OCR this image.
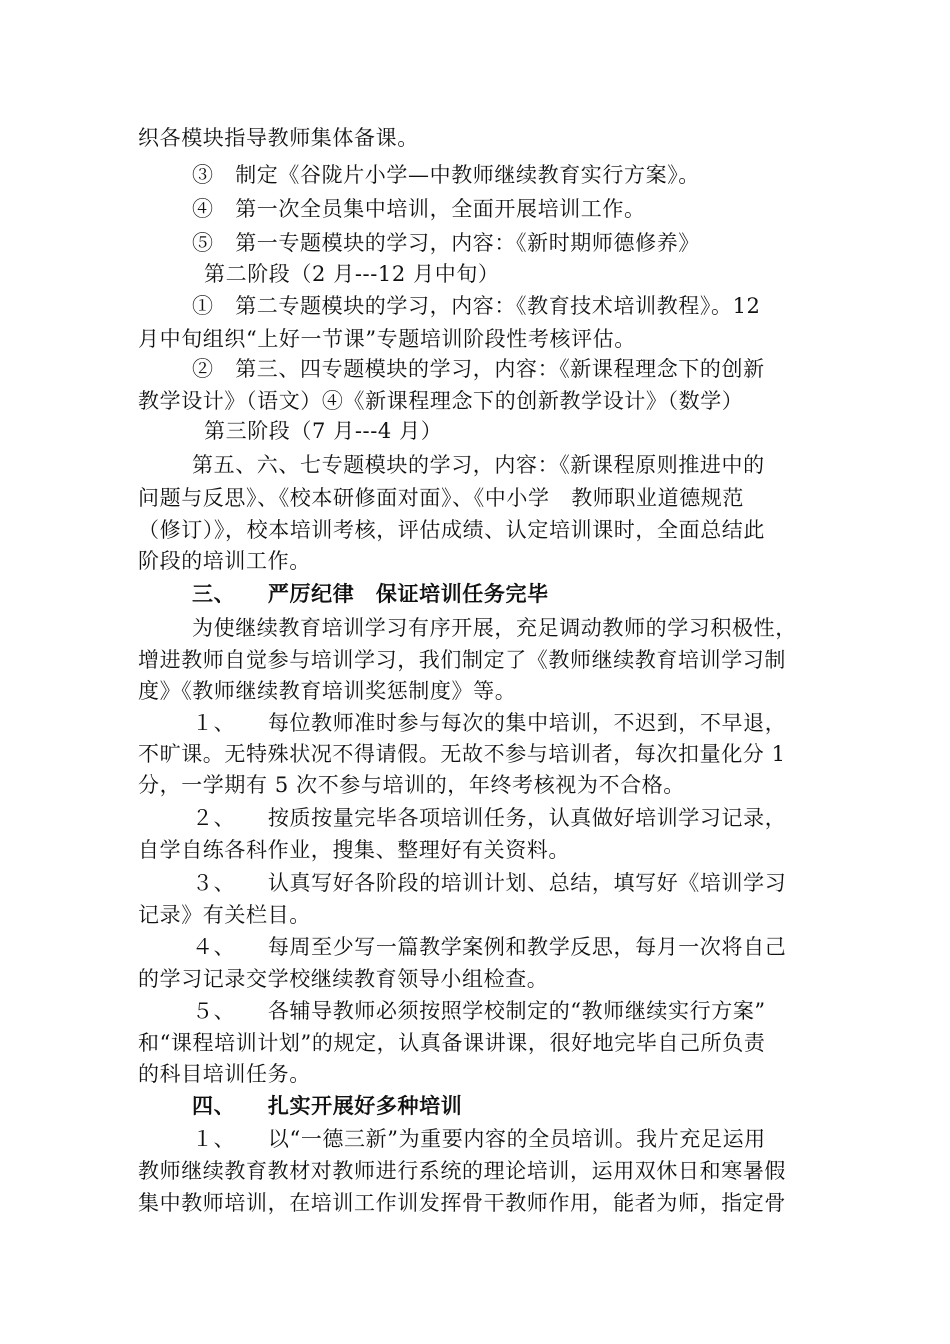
织各模块指导教师集体备课。
③　制定《谷陇片小学—中教师继续教育实行方案》。
④　第一次全员集中培训，全面开展培训工作。
⑤　第一专题模块的学习，内容：《新时期师德修养》
第二阶段（2 月---12 月中旬）
①　第二专题模块的学习，内容：《教育技术培训教程》。12
月中旬组织“上好一节课”专题培训阶段性考核评估。
②　第三、四专题模块的学习，内容：《新课程理念下的创新
教学设计》（语文）④《新课程理念下的创新教学设计》（数学）
第三阶段（7 月---4 月）
第五、六、七专题模块的学习，内容：《新课程原则推进中的
问题与反思》、《校本研修面对面》、《中小学　教师职业道德规范
（修订）》，校本培训考核，评估成绩、认定培训课时，全面总结此
阶段的培训工作。
三、　　严厉纪律　保证培训任务完毕
为使继续教育培训学习有序开展，充足调动教师的学习积极性，
增进教师自觉参与培训学习，我们制定了《教师继续教育培训学习制
度》《教师继续教育培训奖惩制度》等。
１、　　每位教师准时参与每次的集中培训，不迟到，不早退，
不旷课。无特殊状况不得请假。无故不参与培训者，每次扣量化分 1
分，一学期有 5 次不参与培训的，年终考核视为不合格。
２、　　按质按量完毕各项培训任务，认真做好培训学习记录，
自学自练各科作业，搜集、整理好有关资料。
３、　　认真写好各阶段的培训计划、总结，填写好《培训学习
记录》有关栏目。
４、　　每周至少写一篇教学案例和教学反思，每月一次将自己
的学习记录交学校继续教育领导小组检查。
５、　　各辅导教师必须按照学校制定的“教师继续实行方案”
和“课程培训计划”的规定，认真备课讲课，很好地完毕自己所负责
的科目培训任务。
四、　　扎实开展好多种培训
１、　　以“一德三新”为重要内容的全员培训。我片充足运用
教师继续教育教材对教师进行系统的理论培训，运用双休日和寒暑假
集中教师培训，在培训工作训发挥骨干教师作用，能者为师，指定骨
